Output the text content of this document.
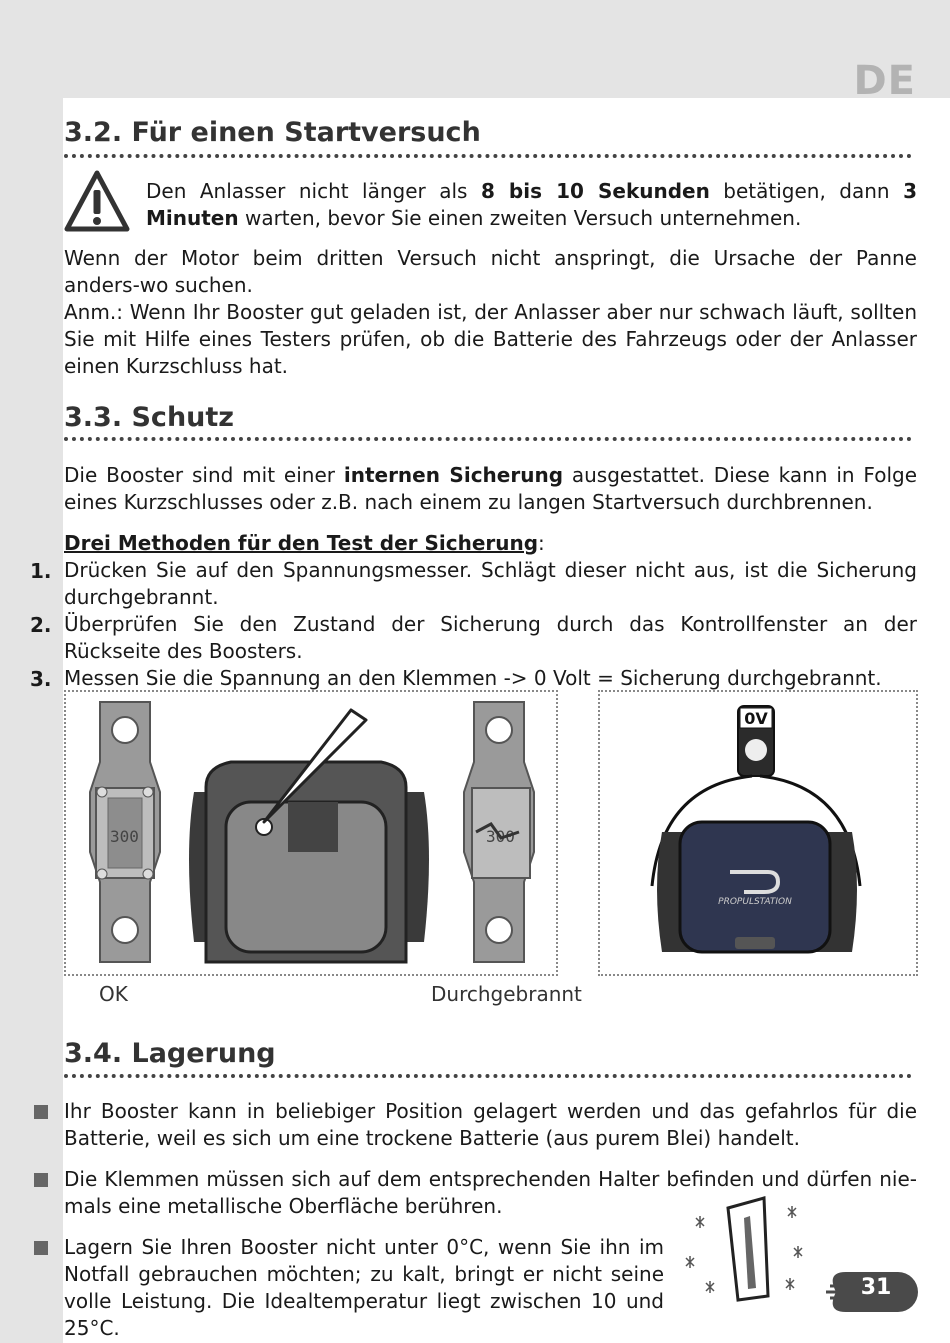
DE
3.2. Für einen Startversuch

Den Anlasser nicht länger als 8 bis 10 Sekunden betätigen, dann 3 Minuten warten, bevor Sie einen zweiten Versuch unternehmen.

Wenn der Motor beim dritten Versuch nicht anspringt, die Ursache der Panne anders-wo suchen.

Anm.: Wenn Ihr Booster gut geladen ist, der Anlasser aber nur schwach läuft, sollten Sie mit Hilfe eines Testers prüfen, ob die Batterie des Fahrzeugs oder der Anlasser einen Kurzschluss hat.

3.3. Schutz

Die Booster sind mit einer internen Sicherung ausgestattet. Diese kann in Folge eines Kurzschlusses oder z.B. nach einem zu langen Startversuch durchbrennen.

Drei Methoden für den Test der Sicherung:
1. Drücken Sie auf den Spannungsmesser. Schlägt dieser nicht aus, ist die Sicherung durchgebrannt.

2. Überprüfen Sie den Zustand der Sicherung durch das Kontrollfenster an der Rückseite des Boosters.

3. Messen Sie die Spannung an den Klemmen -> 0 Volt = Sicherung durchgebrannt.

300	300
0V
PROPULSTATION
OK	Durchgebrannt
3.4. Lagerung

Ihr Booster kann in beliebiger Position gelagert werden und das gefahrlos für die Batterie, weil es sich um eine trockene Batterie (aus purem Blei) handelt.

Die Klemmen müssen sich auf dem entsprechenden Halter befinden und dürfen nie-mals eine metallische Oberfläche berühren.

Lagern Sie Ihren Booster nicht unter 0°C, wenn Sie ihn im Notfall gebrauchen möchten; zu kalt, bringt er nicht seine volle Leistung. Die Idealtemperatur liegt zwischen 10 und 25°C.

31
